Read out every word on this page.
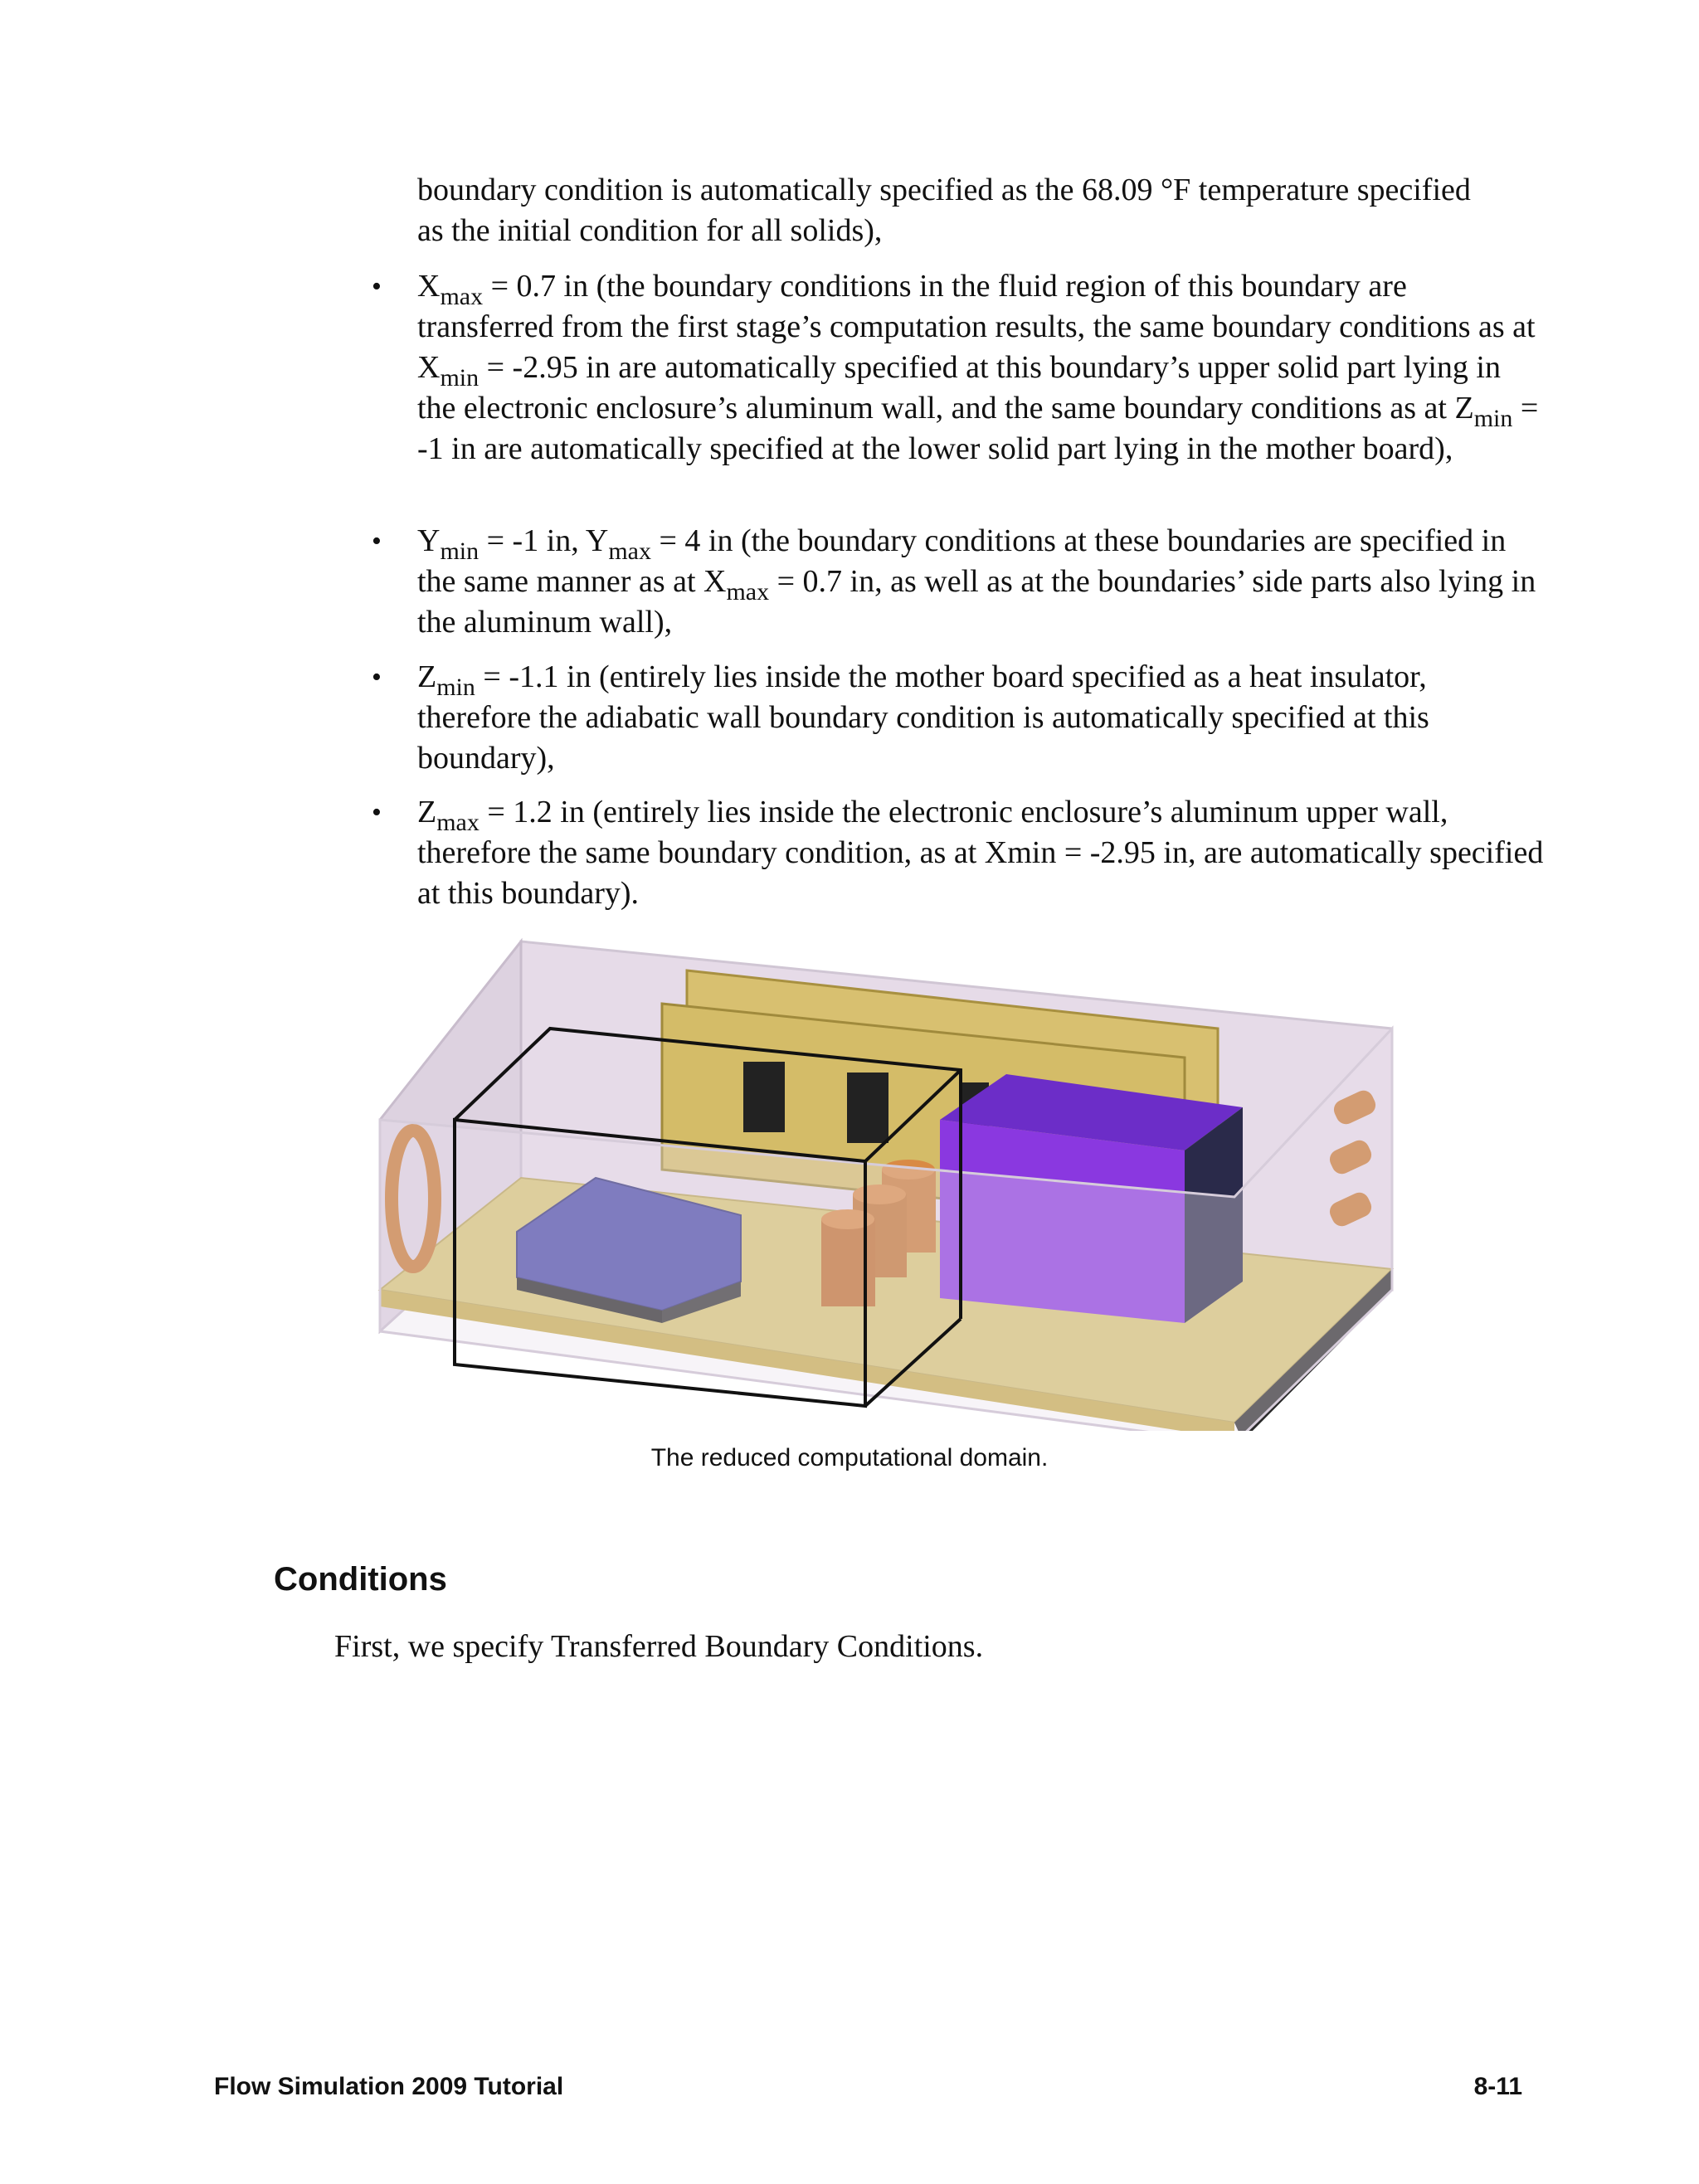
boundary condition is automatically specified as the 68.09 °F temperature specified
as the initial condition for all solids),

• $X_{max} = 0.7$ in (the boundary conditions in the fluid region of this boundary are transferred from the first stage’s computation results, the same boundary conditions as at $X_{min} = -2.95$ in are automatically specified at this boundary’s upper solid part lying in the electronic enclosure’s aluminum wall, and the same boundary conditions as at $Z_{min} = -1$ in are automatically specified at the lower solid part lying in the mother board),
• $Y_{min} = -1$ in, $Y_{max} = 4$ in (the boundary conditions at these boundaries are specified in the same manner as at $X_{max} = 0.7$ in, as well as at the boundaries’ side parts also lying in the aluminum wall),
• $Z_{min} = -1.1$ in (entirely lies inside the mother board specified as a heat insulator, therefore the adiabatic wall boundary condition is automatically specified at this boundary),
• $Z_{max} = 1.2$ in (entirely lies inside the electronic enclosure’s aluminum upper wall, therefore the same boundary condition, as at Xmin = -2.95 in, are automatically specified at this boundary).
The reduced computational domain.
Conditions

First, we specify Transferred Boundary Conditions.

Flow Simulation 2009 Tutorial	8-11
